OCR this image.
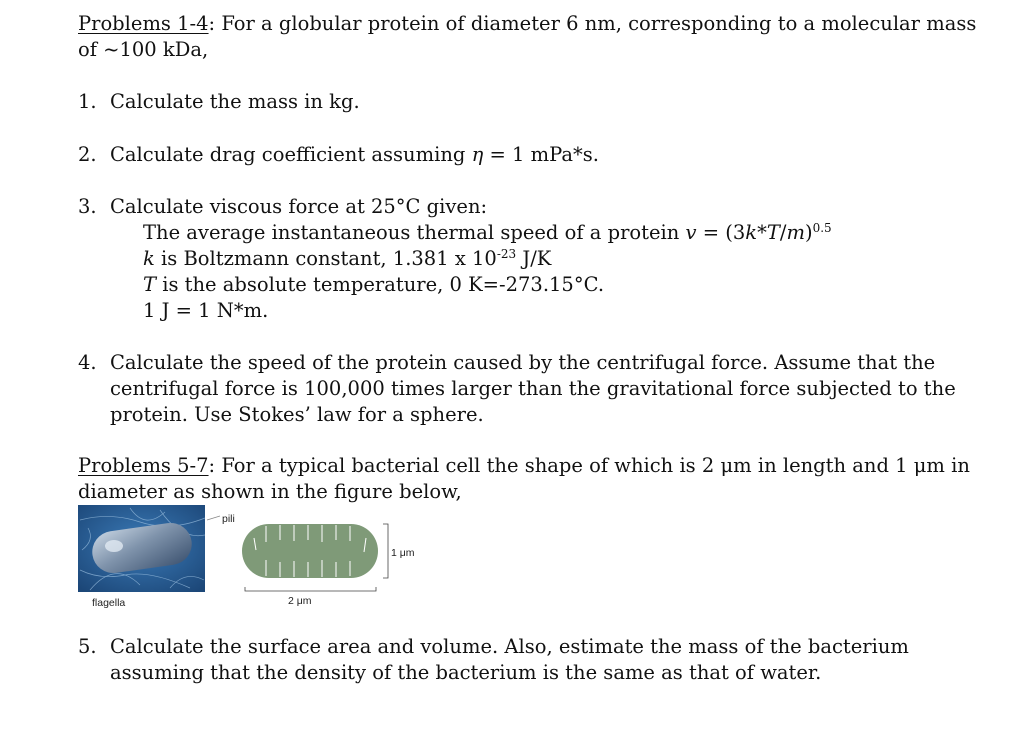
Problems 1-4: For a globular protein of diameter 6 nm, corresponding to a molecular mass
of ~100 kDa,
1. Calculate the mass in kg.
2. Calculate drag coefficient assuming η = 1 mPa*s.
3. Calculate viscous force at 25°C given:
The average instantaneous thermal speed of a protein $v = (3k*T/m)^{0.5}$
k is Boltzmann constant, 1.381 x $10^{-23}$ J/K
T is the absolute temperature, 0 K=-273.15°C.
1 J = 1 N*m.
4. Calculate the speed of the protein caused by the centrifugal force. Assume that the
centrifugal force is 100,000 times larger than the gravitational force subjected to the
protein. Use Stokes’ law for a sphere.
Problems 5-7: For a typical bacterial cell the shape of which is 2 μm in length and 1 μm in
diameter as shown in the figure below,
pili
1 μm
2 μm
flagella
5. Calculate the surface area and volume. Also, estimate the mass of the bacterium
assuming that the density of the bacterium is the same as that of water.
